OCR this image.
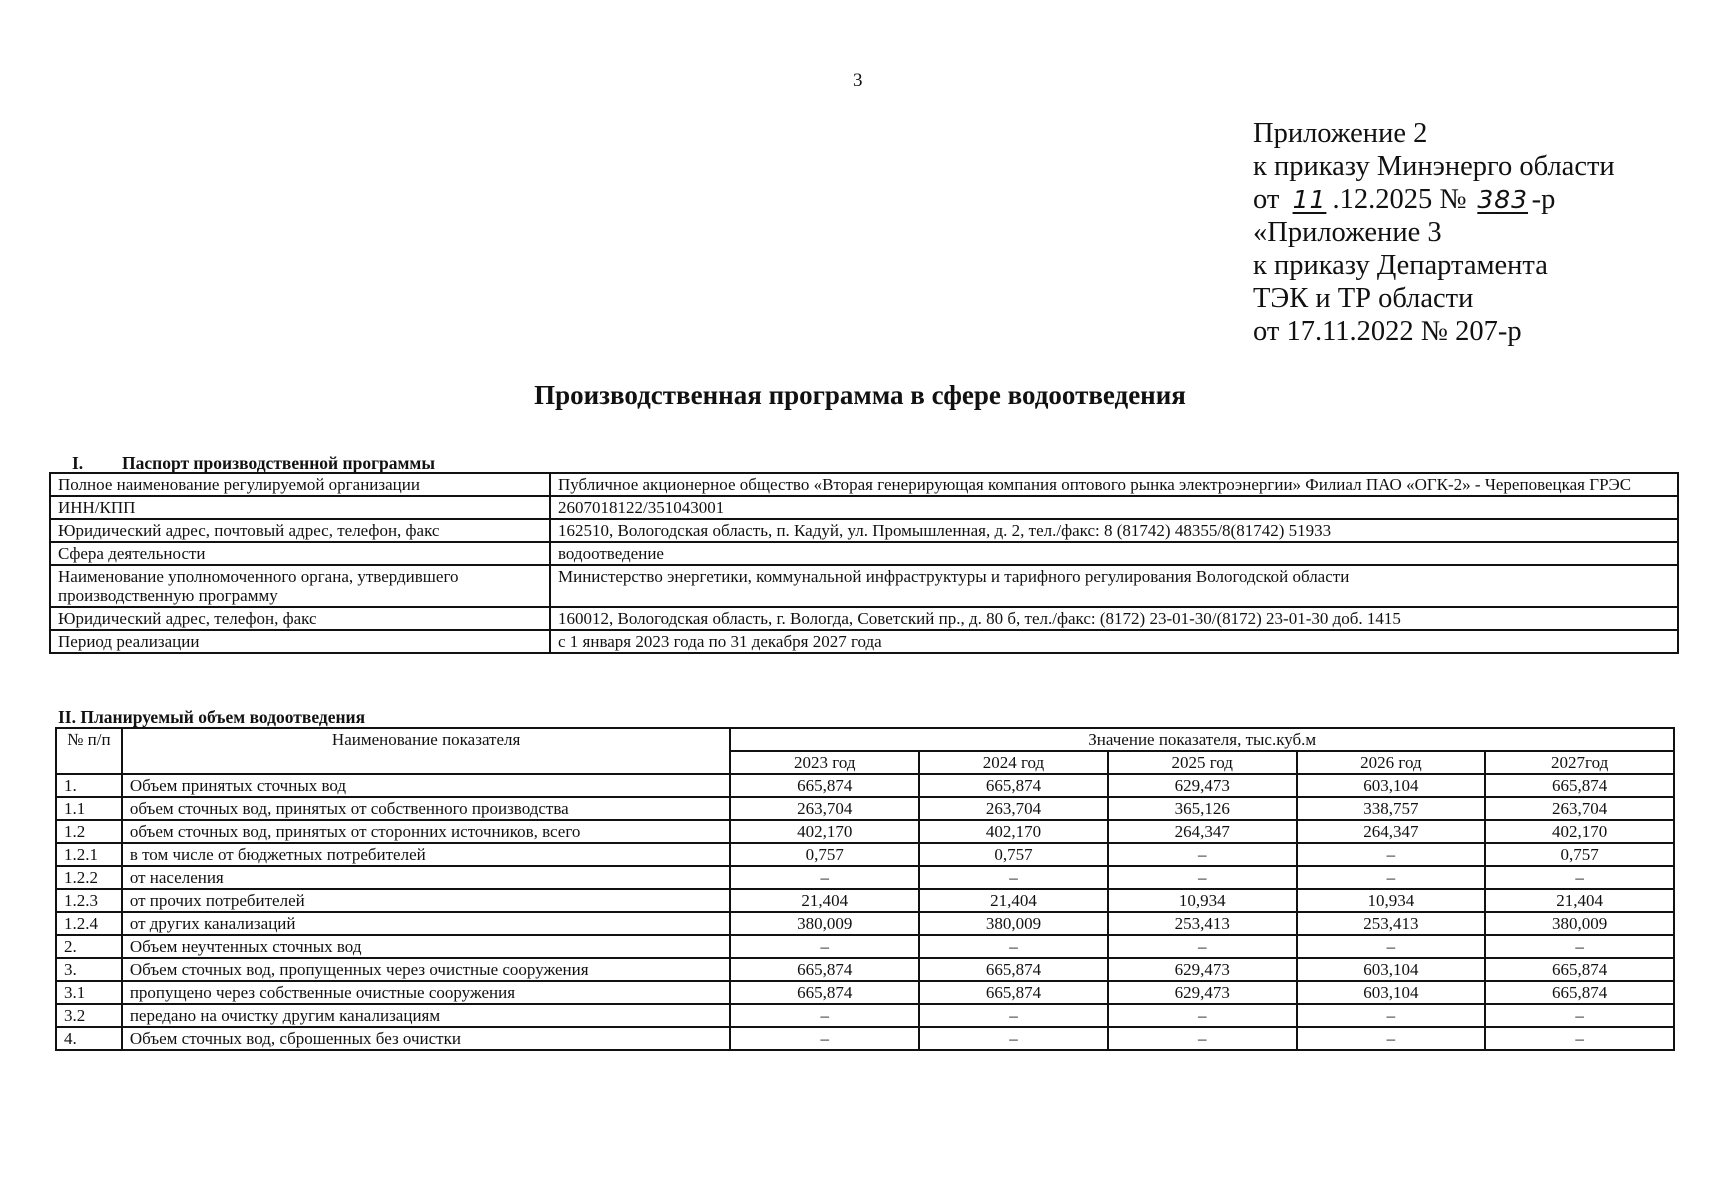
3
Приложение 2
к приказу Минэнерго области
от 11 .12.2025 № 383 -р
«Приложение 3
к приказу Департамента
ТЭК и ТР области
от 17.11.2022 № 207-р
Производственная программа в сфере водоотведения
I. Паспорт производственной программы
Полное наименование регулируемой организации	Публичное акционерное общество «Вторая генерирующая компания оптового рынка электроэнергии» Филиал ПАО «ОГК-2» - Череповецкая ГРЭС
ИНН/КПП	2607018122/351043001
Юридический адрес, почтовый адрес, телефон, факс	162510, Вологодская область, п. Кадуй, ул. Промышленная, д. 2, тел./факс: 8 (81742) 48355/8(81742) 51933
Сфера деятельности	водоотведение
Наименование уполномоченного органа, утвердившего производственную программу	Министерство энергетики, коммунальной инфраструктуры и тарифного регулирования Вологодской области
Юридический адрес, телефон, факс	160012, Вологодская область, г. Вологда, Советский пр., д. 80 б, тел./факс: (8172) 23-01-30/(8172) 23-01-30 доб. 1415
Период реализации	с 1 января 2023 года по 31 декабря 2027 года
II. Планируемый объем водоотведения
№ п/п	Наименование показателя	Значение показателя, тыс.куб.м				
		2023 год	2024 год	2025 год	2026 год	2027год
1.	Объем принятых сточных вод	665,874	665,874	629,473	603,104	665,874
1.1	объем сточных вод, принятых от собственного производства	263,704	263,704	365,126	338,757	263,704
1.2	объем сточных вод, принятых от сторонних источников, всего	402,170	402,170	264,347	264,347	402,170
1.2.1	в том числе от бюджетных потребителей	0,757	0,757	–	–	0,757
1.2.2	от населения	–	–	–	–	–
1.2.3	от прочих потребителей	21,404	21,404	10,934	10,934	21,404
1.2.4	от других канализаций	380,009	380,009	253,413	253,413	380,009
2.	Объем неучтенных сточных вод	–	–	–	–	–
3.	Объем сточных вод, пропущенных через очистные сооружения	665,874	665,874	629,473	603,104	665,874
3.1	пропущено через собственные очистные сооружения	665,874	665,874	629,473	603,104	665,874
3.2	передано на очистку другим канализациям	–	–	–	–	–
4.	Объем сточных вод, сброшенных без очистки	–	–	–	–	–
